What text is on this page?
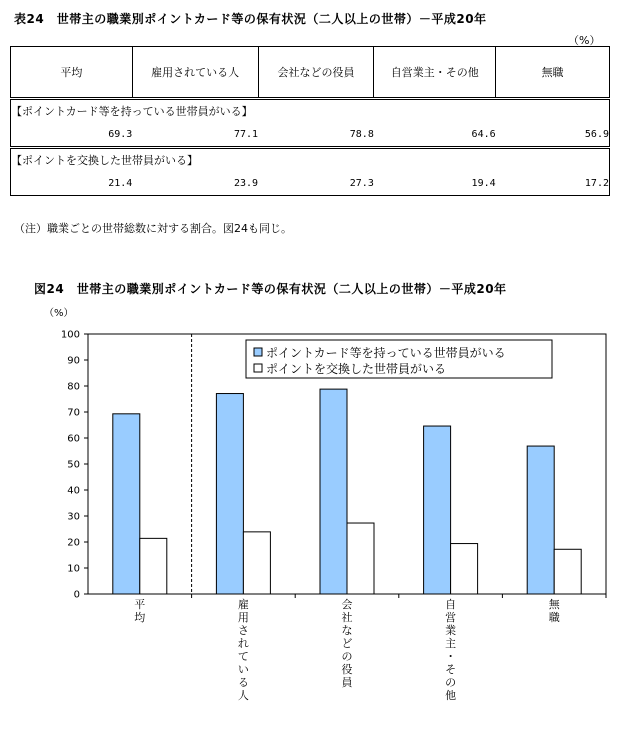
表24　世帯主の職業別ポイントカード等の保有状況（二人以上の世帯）－平成20年
（%）
平均	雇用されている人	会社などの役員	自営業主・その他	無職
【ポイントカード等を持っている世帯員がいる】				
69.3	77.1	78.8	64.6	56.9
【ポイントを交換した世帯員がいる】				
21.4	23.9	27.3	19.4	17.2
（注）職業ごとの世帯総数に対する割合。図24も同じ。
図24　世帯主の職業別ポイントカード等の保有状況（二人以上の世帯）－平成20年
（%）
0
10
20
30
40
50
60
70
80
90
100
平均
雇用されている人
会社などの役員
自営業主・その他
無職
ポイントカード等を持っている世帯員がいる
ポイントを交換した世帯員がいる
